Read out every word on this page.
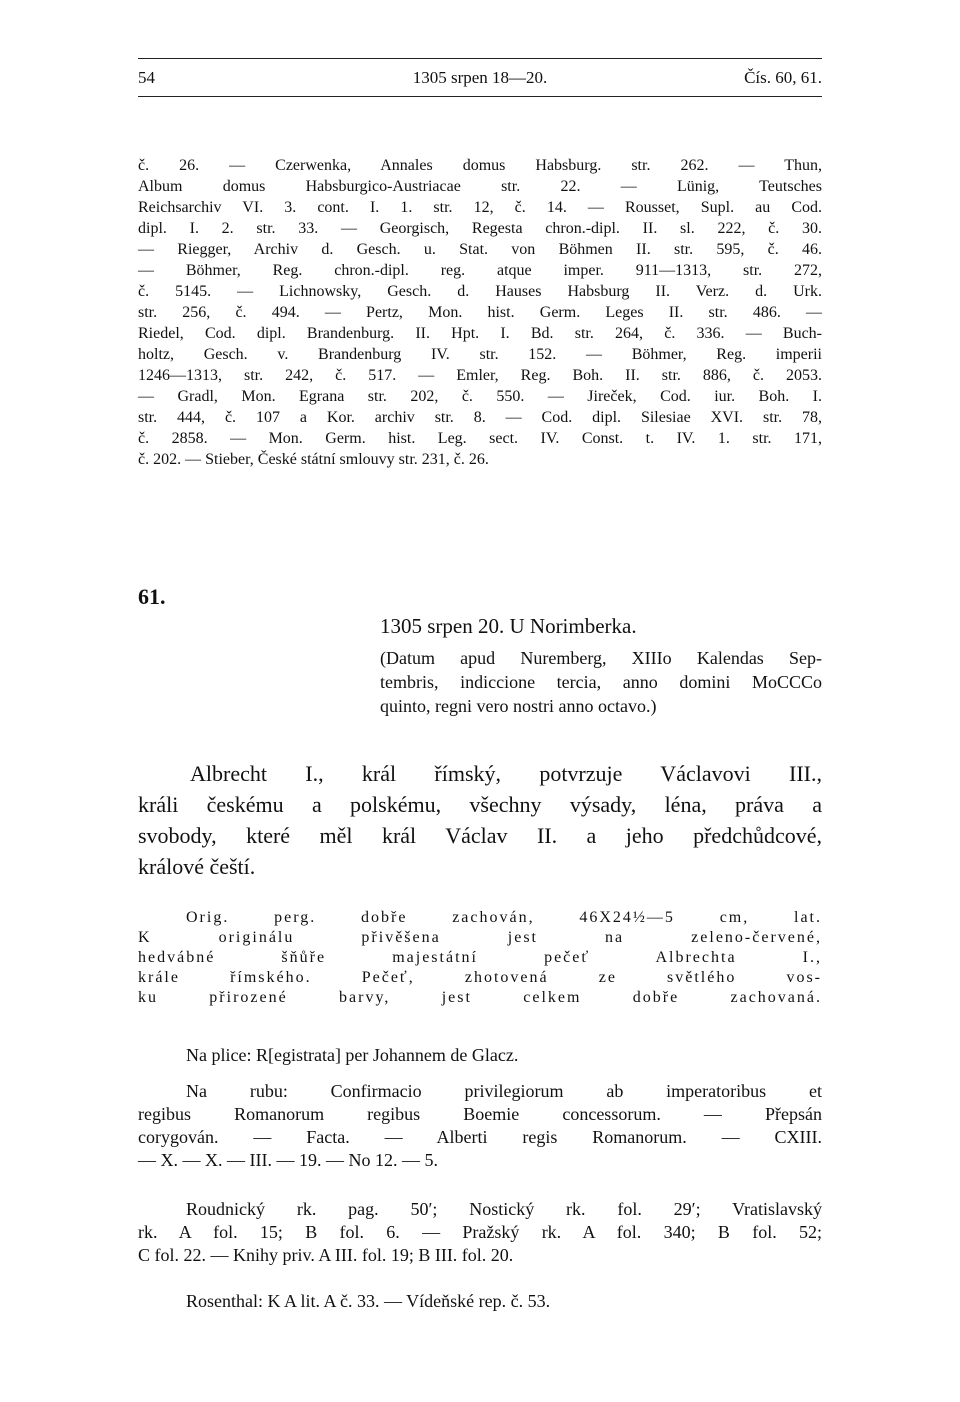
54	1305 srpen 18—20.	Čís. 60, 61.
č. 26. — Czerwenka, Annales domus Habsburg. str. 262. — Thun,
Album domus Habsburgico-Austriacae str. 22. — Lünig, Teutsches
Reichsarchiv VI. 3. cont. I. 1. str. 12, č. 14. — Rousset, Supl. au Cod.
dipl. I. 2. str. 33. — Georgisch, Regesta chron.-dipl. II. sl. 222, č. 30.
— Riegger, Archiv d. Gesch. u. Stat. von Böhmen II. str. 595, č. 46.
— Böhmer, Reg. chron.-dipl. reg. atque imper. 911—1313, str. 272,
č. 5145. — Lichnowsky, Gesch. d. Hauses Habsburg II. Verz. d. Urk.
str. 256, č. 494. — Pertz, Mon. hist. Germ. Leges II. str. 486. —
Riedel, Cod. dipl. Brandenburg. II. Hpt. I. Bd. str. 264, č. 336. — Buch-
holtz, Gesch. v. Brandenburg IV. str. 152. — Böhmer, Reg. imperii
1246—1313, str. 242, č. 517. — Emler, Reg. Boh. II. str. 886, č. 2053.
— Gradl, Mon. Egrana str. 202, č. 550. — Jireček, Cod. iur. Boh. I.
str. 444, č. 107 a Kor. archiv str. 8. — Cod. dipl. Silesiae XVI. str. 78,
č. 2858. — Mon. Germ. hist. Leg. sect. IV. Const. t. IV. 1. str. 171,
č. 202. — Stieber, České státní smlouvy str. 231, č. 26.
61.
1305 srpen 20. U Norimberka.
(Datum apud Nuremberg, XIIIo Kalendas Sep-
tembris, indiccione tercia, anno domini MoCCCo
quinto, regni vero nostri anno octavo.)
Albrecht I., král římský, potvrzuje Václavovi III.,
králi českému a polskému, všechny výsady, léna, práva a
svobody, které měl král Václav II. a jeho předchůdcové,
králové čeští.
Orig. perg. dobře zachován, 46X24½—5 cm, lat.
K originálu přivěšena jest na zeleno-červené,
hedvábné šňůře majestátní pečeť Albrechta I.,
krále římského. Pečeť, zhotovená ze světlého vos-
ku přirozené barvy, jest celkem dobře zachovaná.
Na plice: R[egistrata] per Johannem de Glacz.
Na rubu: Confirmacio privilegiorum ab imperatoribus et
regibus Romanorum regibus Boemie concessorum. — Přepsán
corygován. — Facta. — Alberti regis Romanorum. — CXIII.
— X. — X. — III. — 19. — No 12. — 5.
Roudnický rk. pag. 50′; Nostický rk. fol. 29′; Vratislavský
rk. A fol. 15; B fol. 6. — Pražský rk. A fol. 340; B fol. 52;
C fol. 22. — Knihy priv. A III. fol. 19; B III. fol. 20.
Rosenthal: K A lit. A č. 33. — Vídeňské rep. č. 53.
